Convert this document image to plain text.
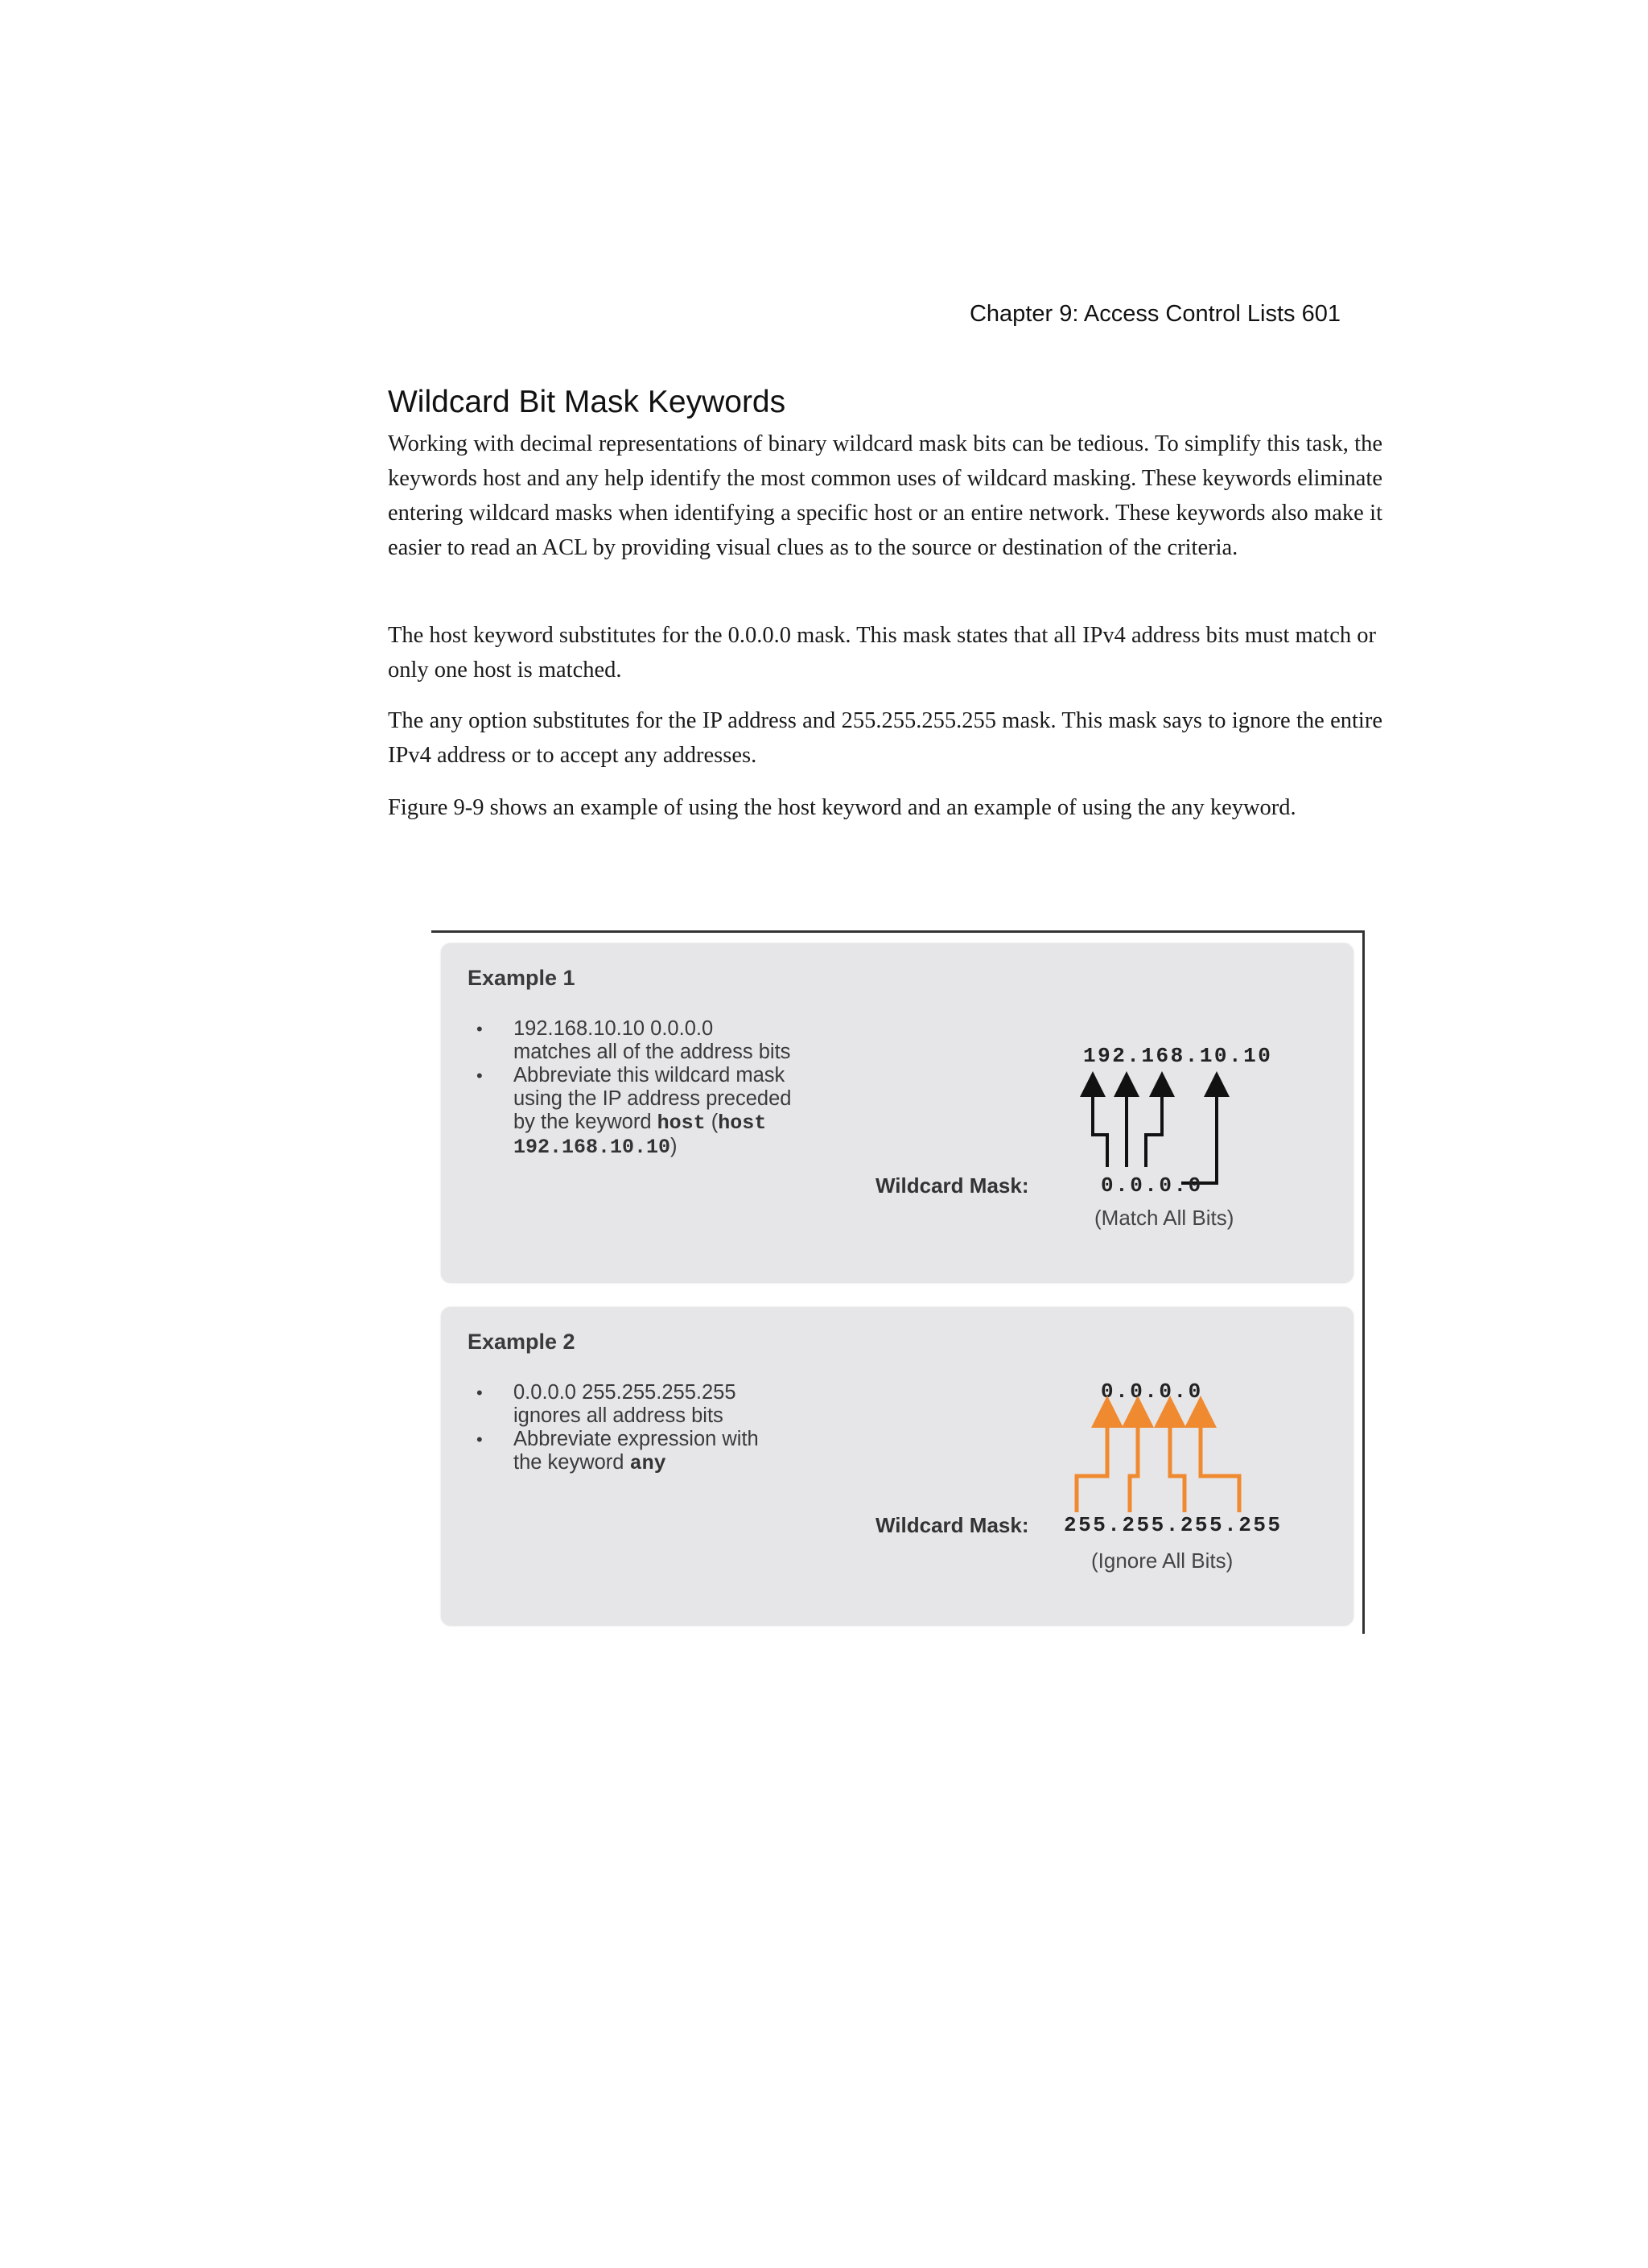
Chapter 9: Access Control Lists 601
Wildcard Bit Mask Keywords

Working with decimal representations of binary wildcard mask bits can be tedious. To simplify this task, the keywords host and any help identify the most common uses of wildcard masking. These keywords eliminate entering wildcard masks when identifying a specific host or an entire network. These keywords also make it easier to read an ACL by providing visual clues as to the source or destination of the criteria.

The host keyword substitutes for the 0.0.0.0 mask. This mask states that all IPv4 address bits must match or only one host is matched.

The any option substitutes for the IP address and 255.255.255.255 mask. This mask says to ignore the entire IPv4 address or to accept any addresses.

Figure 9-9 shows an example of using the host keyword and an example of using the any keyword.

Example 1
• 192.168.10.10 0.0.0.0
matches all of the address bits
• Abbreviate this wildcard mask
using the IP address preceded
by the keyword host (host
192.168.10.10)
192.168.10.10
Wildcard Mask:	0.0.0.0
(Match All Bits)
Example 2
• 0.0.0.0 255.255.255.255
ignores all address bits
• Abbreviate expression with
the keyword any
0.0.0.0
Wildcard Mask: 255.255.255.255
(Ignore All Bits)
